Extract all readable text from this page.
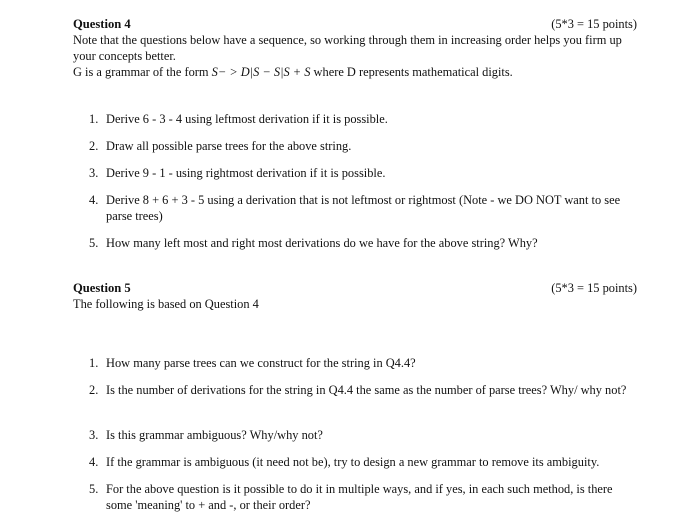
Question 4	(5*3 = 15 points)

Note that the questions below have a sequence, so working through them in increasing order helps you firm up your concepts better.

G is a grammar of the form S− > D|S − S|S + S where D represents mathematical digits.

1. Derive 6 - 3 - 4 using leftmost derivation if it is possible.
2. Draw all possible parse trees for the above string.
3. Derive 9 - 1 - using rightmost derivation if it is possible.
4. Derive 8 + 6 + 3 - 5 using a derivation that is not leftmost or rightmost (Note - we DO NOT want to see parse trees)
5. How many left most and right most derivations do we have for the above string? Why?
Question 5	(5*3 = 15 points)

The following is based on Question 4

1. How many parse trees can we construct for the string in Q4.4?
2. Is the number of derivations for the string in Q4.4 the same as the number of parse trees? Why/ why not?
3. Is this grammar ambiguous? Why/why not?
4. If the grammar is ambiguous (it need not be), try to design a new grammar to remove its ambiguity.
5. For the above question is it possible to do it in multiple ways, and if yes, in each such method, is there some 'meaning' to + and -, or their order?
